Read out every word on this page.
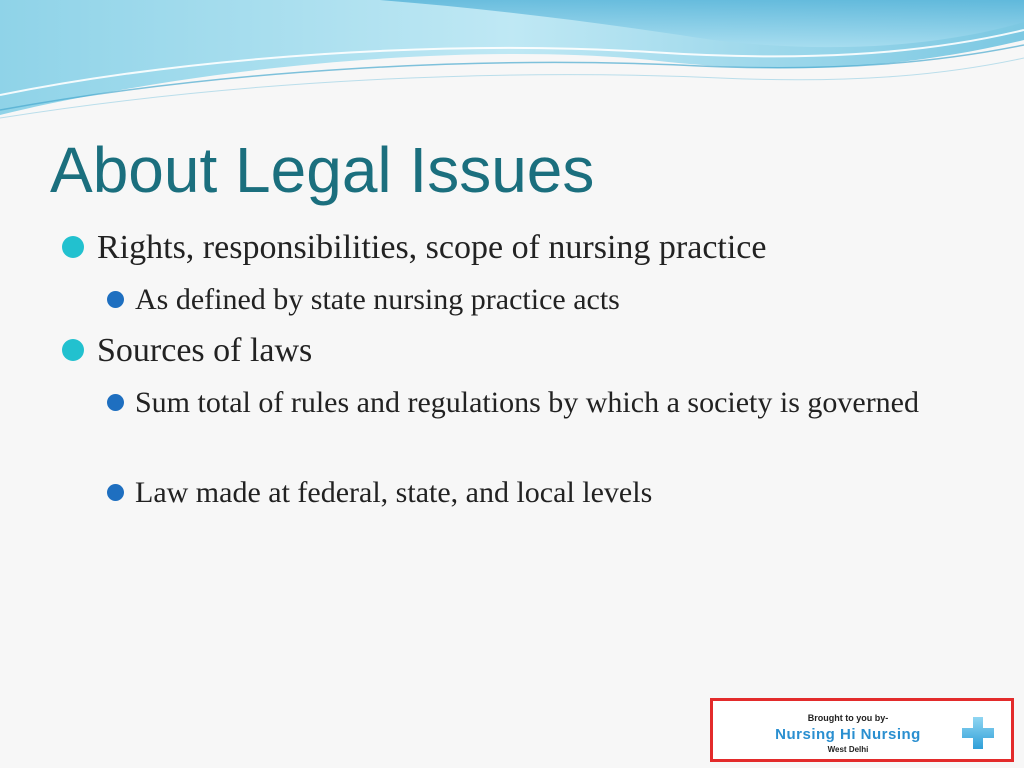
About Legal Issues
Rights, responsibilities, scope of nursing practice
As defined by state nursing practice acts
Sources of laws
Sum total of rules and regulations by which a society is governed
Law made at federal, state, and local levels
Brought to you by-
Nursing Hi Nursing
West Delhi
